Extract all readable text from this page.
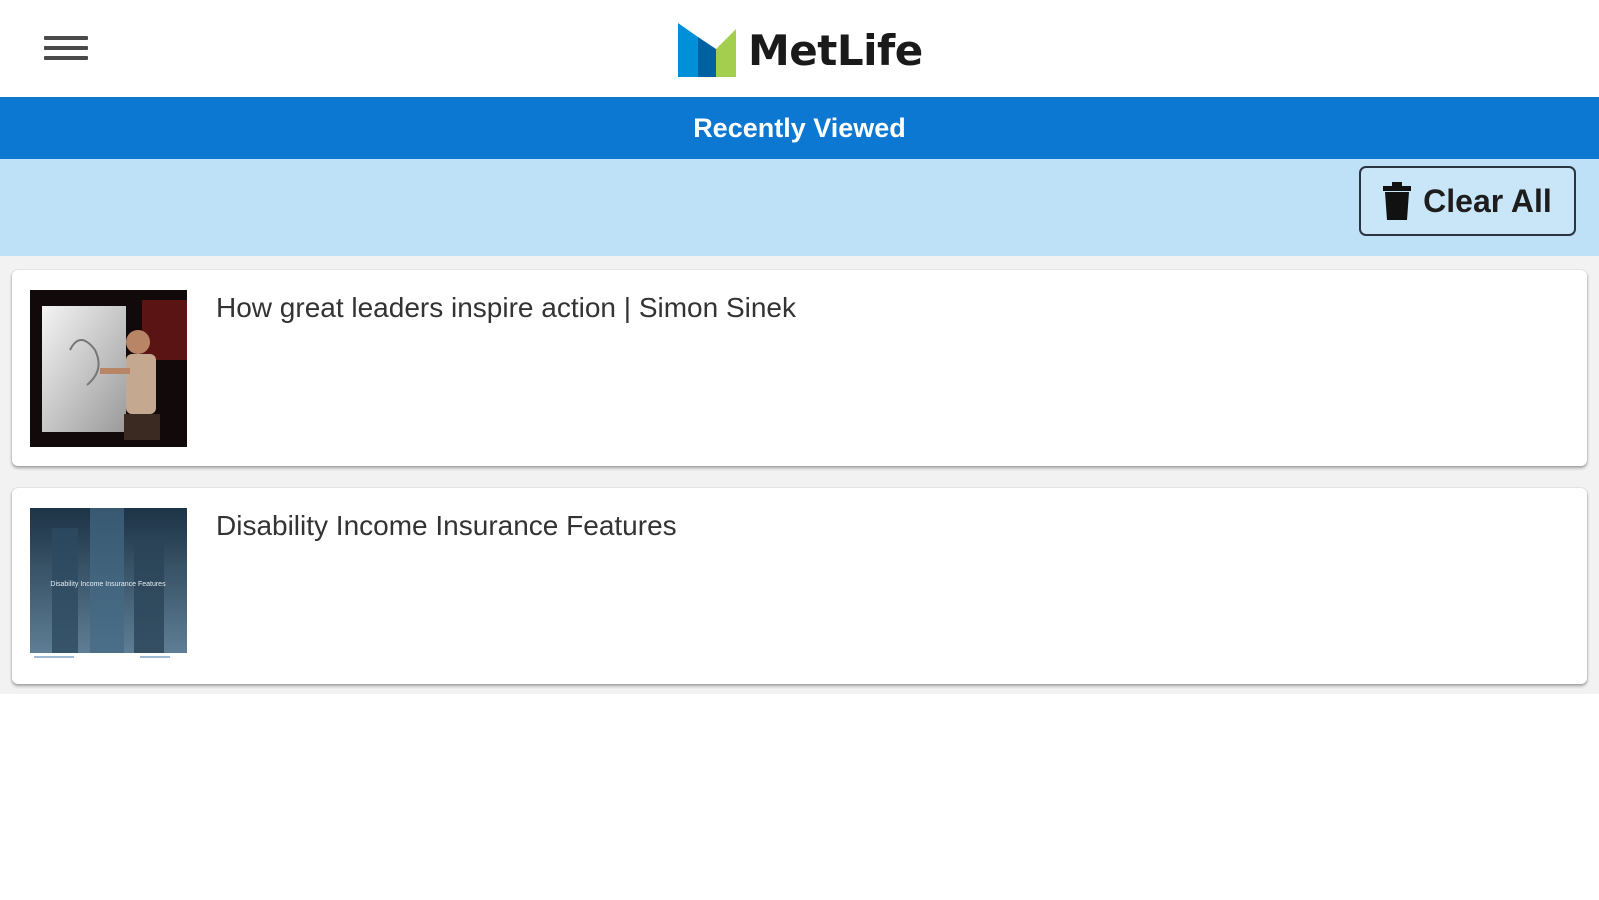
MetLife
Recently Viewed
Clear All
How great leaders inspire action | Simon Sinek
Disability Income Insurance Features
Disability Income Insurance Features
